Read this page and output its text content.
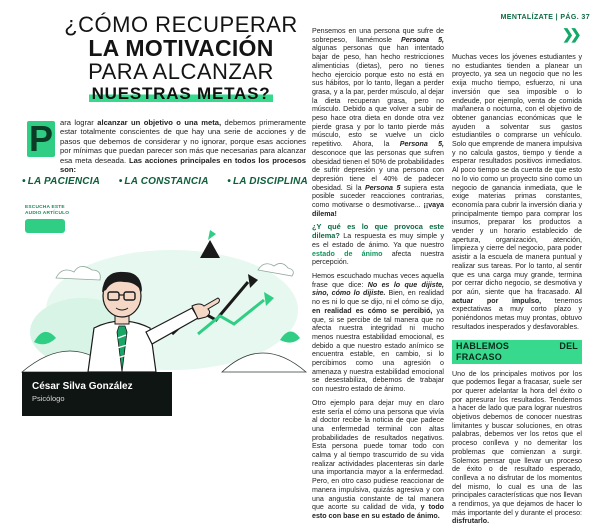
MENTALÍZATE | PÁG. 37
❯❯
¿CÓMO RECUPERAR
LA MOTIVACIÓN
PARA ALCANZAR
NUESTRAS METAS?
P ara lograr alcanzar un objetivo o una meta, debemos primeramente estar totalmente conscientes de que hay una serie de acciones y de pasos que debemos de considerar y no ignorar, porque esas acciones por mínimas que puedan parecer son más que necesarias para alcanzar esa meta deseada. Las acciones principales en todos los procesos son:
• LA PACIENCIA	• LA CONSTANCIA	• LA DISCIPLINA
ESCUCHA ESTE
AUDIO ARTÍCULO
César Silva González
Psicólogo

Pensemos en una persona que sufre de sobrepeso, llamémosle Persona 5, algunas personas que han intentado bajar de peso, han hecho restricciones alimenticias (dietas), pero no tienes hecho ejercicio porque esto no está en sus hábitos, por lo tanto, llegan a perder grasa, y a la par, perder músculo, al dejar la dieta recuperan grasa, pero no músculo. Debido a que volver a subir de peso hace otra dieta en donde otra vez pierde grasa y por lo tanto pierde más músculo, esto se vuelve un ciclo repetitivo. Ahora, la Persona 5, desconoce que las personas que sufren obesidad tienen el 50% de probabilidades de sufrir depresión y una persona con depresión tiene el 40% de padecer obesidad. Si la Persona 5 supiera esta posible suceder reacciones contrarias, como motivarse o desmotivarse... ¡¡vaya dilema!

¿Y qué es lo que provoca este dilema? La respuesta es muy simple y es el estado de ánimo. Ya que nuestro estado de ánimo afecta nuestra percepción.

Hemos escuchado muchas veces aquella frase que dice: No es lo que dijiste, sino, cómo lo dijiste. Bien, en realidad no es ni lo que se dijo, ni el cómo se dijo, en realidad es cómo se percibió, ya que, si se percibe de tal manera que no afecta nuestra integridad ni mucho menos nuestra estabilidad emocional, es debido a que nuestro estado anímico se encuentra estable, en cambio, si lo percibimos como una agresión o amenaza y nuestra estabilidad emocional se desestabiliza, debemos de trabajar con nuestro estado de ánimo.

Otro ejemplo para dejar muy en claro este sería el cómo una persona que vivía al doctor recibe la noticia de que padece una enfermedad terminal con altas probabilidades de resultados negativos. Esta persona puede tomar todo con calma y al tiempo trascurrido de su vida realizar actividades placenteras sin darle una importancia mayor a la enfermedad. Pero, en otro caso pudiese reaccionar de manera impulsiva, quizás agresiva y con una angustia constante de tal manera que acorte su calidad de vida, y todo esto con base en su estado de ánimo.

Muchas veces los jóvenes estudiantes y no estudiantes tienden a planear un proyecto, ya sea un negocio que no les exija mucho tiempo, esfuerzo, ni una inversión que sea imposible o lo endeude, por ejemplo, venta de comida mañanera o nocturna, con el objetivo de obtener ganancias económicas que le ayuden a solventar sus gastos estudiantiles o comprarse un vehículo. Solo que emprende de manera impulsiva y no calcula gastos, tiempo y tiende a esperar resultados positivos inmediatos. Al poco tiempo se da cuenta de que esto no lo vio como un proyecto sino como un negocio de ganancia inmediata, que le exige materias primas constantes, economía para cubrir la inversión diaria y principalmente tiempo para comprar los insumos, preparar los productos a vender y un horario establecido de apertura, organización, atención, limpieza y cierre del negocio, para poder asistir a la escuela de manera puntual y realizar sus tareas. Por lo tanto, al sentir que es una carga muy grande, termina por cerrar dicho negocio, se desmotiva y por aún, siente que ha fracasado. Al actuar por impulso, tenemos expectativas a muy corto plazo y poniéndonos metas muy prontas, obtuvo resultados inesperados y desfavorables.

HABLEMOS DEL FRACASO

Uno de los principales motivos por los que podemos llegar a fracasar, suele ser por querer adelantar la hora del éxito o por apresurar los resultados. Tendemos a hacer de lado que para lograr nuestros objetivos debemos de conocer nuestras limitantes y buscar soluciones, en otras palabras, debemos ver los retos que el proceso conlleva y no demeritar los problemas que comienzan a surgir. Solemos pensar que llevar un proceso de éxito o de resultado esperado, conlleva a no disfrutar de los momentos del mismo, lo cual es una de las principales características que nos llevan a rendirnos, ya que dejamos de hacer lo más importante del y durante el proceso: disfrutarlo.
